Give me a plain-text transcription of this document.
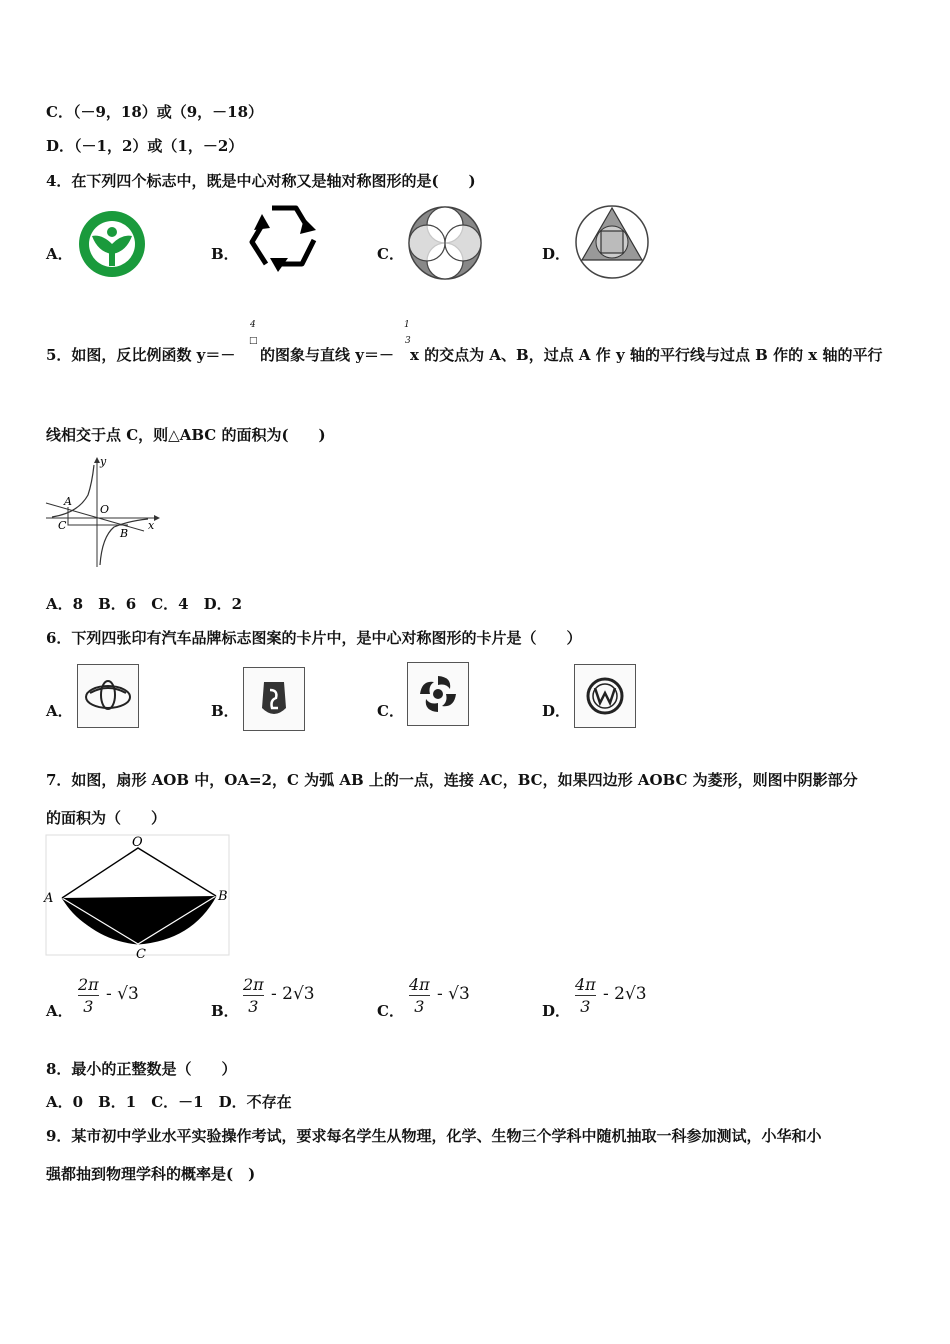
C．（－9，18）或（9，－18）
D．（－1，2）或（1，－2）
4．在下列四个标志中，既是中心对称又是轴对称图形的是(　　)
A．	B．	C．	D．
5．如图，反比例函数 y＝－
4
□
的图象与直线 y＝－
1
3
x 的交点为 A、B，过点 A 作 y 轴的平行线与过点 B 作的 x 轴的平行
线相交于点 C，则△ABC 的面积为(　　)
y
x
A
O
C
B
A．8　B．6　C．4　D．2
6．下列四张印有汽车品牌标志图案的卡片中，是中心对称图形的卡片是（　　）
A．	B．	C．	D．
7．如图，扇形 AOB 中，OA=2，C 为弧 AB 上的一点，连接 AC，BC，如果四边形 AOBC 为菱形，则图中阴影部分
的面积为（　　）
O
A	B
C
A．
2π
3
- √3
B．
2π
3
- 2√3
C．
4π
3
- √3
D．
4π
3
- 2√3
8．最小的正整数是（　　）
A．0　B．1　C．－1　D．不存在
9．某市初中学业水平实验操作考试，要求每名学生从物理，化学、生物三个学科中随机抽取一科参加测试，小华和小
强都抽到物理学科的概率是(　)
